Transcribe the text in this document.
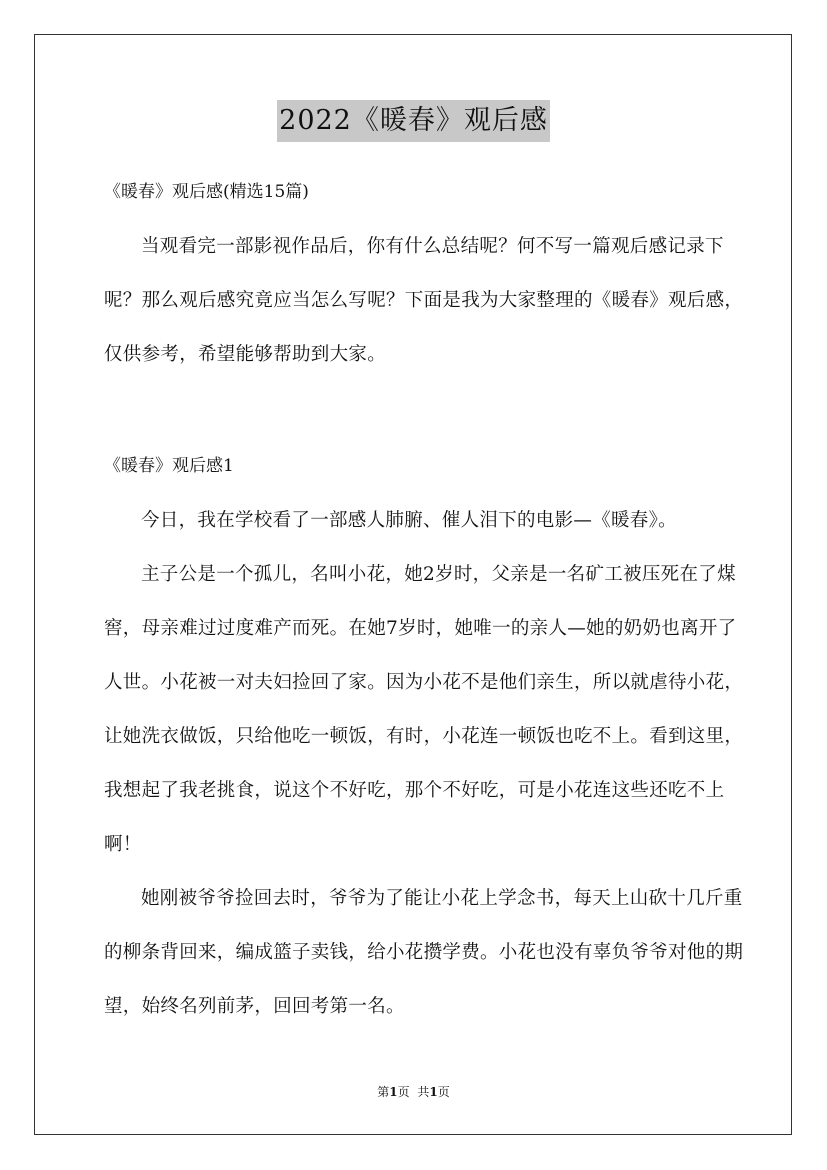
2022《暖春》观后感
《暖春》观后感(精选15篇)

当观看完一部影视作品后，你有什么总结呢？何不写一篇观后感记录下呢？那么观后感究竟应当怎么写呢？下面是我为大家整理的《暖春》观后感，仅供参考，希望能够帮助到大家。

《暖春》观后感1

今日，我在学校看了一部感人肺腑、催人泪下的电影—《暖春》。

主子公是一个孤儿，名叫小花，她2岁时，父亲是一名矿工被压死在了煤窖，母亲难过过度难产而死。在她7岁时，她唯一的亲人—她的奶奶也离开了人世。小花被一对夫妇捡回了家。因为小花不是他们亲生，所以就虐待小花，让她洗衣做饭，只给他吃一顿饭，有时，小花连一顿饭也吃不上。看到这里，我想起了我老挑食，说这个不好吃，那个不好吃，可是小花连这些还吃不上啊！

她刚被爷爷捡回去时，爷爷为了能让小花上学念书，每天上山砍十几斤重的柳条背回来，编成篮子卖钱，给小花攒学费。小花也没有辜负爷爷对他的期望，始终名列前茅，回回考第一名。

第1页 共1页
